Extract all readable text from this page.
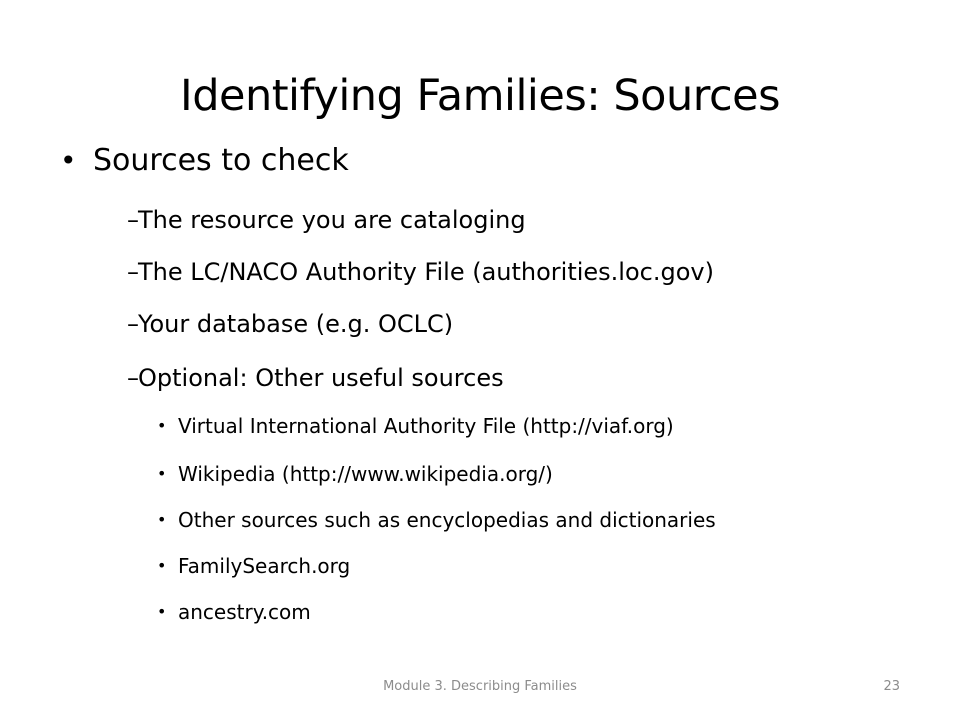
Identifying Families: Sources
• Sources to check
– The resource you are cataloging
– The LC/NACO Authority File (authorities.loc.gov)
– Your database (e.g. OCLC)
– Optional: Other useful sources
• Virtual International Authority File (http://viaf.org)
• Wikipedia (http://www.wikipedia.org/)
• Other sources such as encyclopedias and dictionaries
• FamilySearch.org
• ancestry.com
Module 3. Describing Families	23
